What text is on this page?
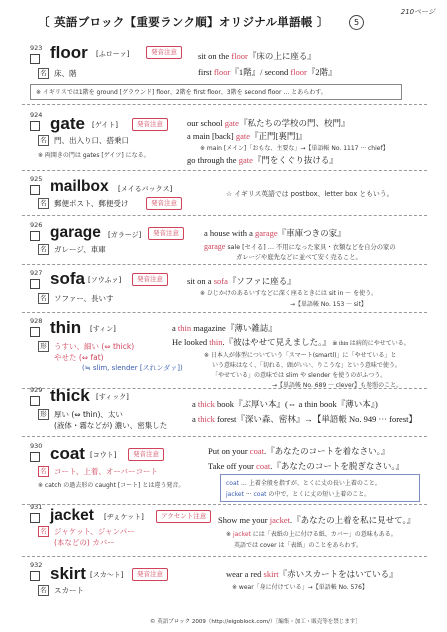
〔 英語ブロック【重要ランク順】オリジナル単語帳 〕	5
210ページ
923 floor [ふローァ]	発音注意
名 床、階
sit on the floor『床の上に座る』
first floor『1階』/ second floor『2階』
※ イギリスでは1階を ground [グラウンド] floor、2階を first floor、3階を second floor … とあらわす。
924 gate [ゲイト]	発音注意
名 門、出入り口、搭乗口
※ 両開きの門は gates [ゲイツ] になる。
our school gate『私たちの学校の門、校門』
a main [back] gate『正門[裏門]』
※ main [メイン]「おもな、主要な」→【単語帳 No. 1117 ··· chief】
go through the gate『門をくぐり抜ける』
925 mailbox [メイるバックス]
発音注意
名 郵便ポスト、郵便受け
☆ イギリス英語では postbox、letter box ともいう。
926 garage [ガラージ]	発音注意
名 ガレージ、車庫
a house with a garage『車庫つきの家』
garage sale [セイる] … 不用になった家具・衣類などを自分の家の
ガレージや庭先などに並べて安く売ること。
927 sofa [ソウふァ]	発音注意
名 ソファー、長いす
sit on a sofa『ソファに座る』
※ ひじかけのあるいすなどに深く座るときには sit in ～ を使う。
→【単語帳 No. 153 ··· sit】
928 thin [すィン]
形 うすい、細い (⇔ thick)
やせた (⇔ fat)
(≒ slim, slender [スれンダァ])
a thin magazine『薄い雑誌』
He looked thin.『彼はやせて見えました。』 ※ thin は病的にやせている。
※ 日本人が体型についていう「スマート(smartl)」に「やせている」と
いう意味はなく、「切れる、頭がいい、りこうな」という意味で使う。
「やせている」の意味では slim や slender を使うのがふつう。
→【単語帳 No. 689 ··· clever】も参照のこと。
929 thick [すィック]
形 厚い (⇔ thin)、太い
(液体・霧などが) 濃い、密集した
a thick book『ぶ厚い本』(⇔ a thin book『薄い本』)
a thick forest『深い森、密林』→【単語帳 No. 949 ··· forest】
930 coat [コウト]	発音注意
名 コート、上着、オーバーコート
※ catch の過去形の caught [コート] とは違う発音。
Put on your coat.『あなたのコートを着なさい。』
Take off your coat.『あなたのコートを脱ぎなさい。』
coat … 上着全般を指すが、とくに丈の長い上着のこと。
jacket ··· coat の中で、とくに丈の短い上着のこと。
931 jacket [ヂぇケット]	アクセント注意
名 ジャケット、ジャンパー
(本などの) カバー
Show me your jacket.『あなたの上着を私に見せて。』
※ jacket には「表紙の上に付ける紙、カバー」の意味もある。
英語では cover は「表紙」のことをあらわす。
932 skirt [スカ～ト]	発音注意
名 スカート
wear a red skirt『赤いスカートをはいている』
※ wear「身に付けている」→【単語帳 No. 576】
© 英語ブロック 2009（http://eigoblock.com/）［編集・加工・販売等を禁じます］
